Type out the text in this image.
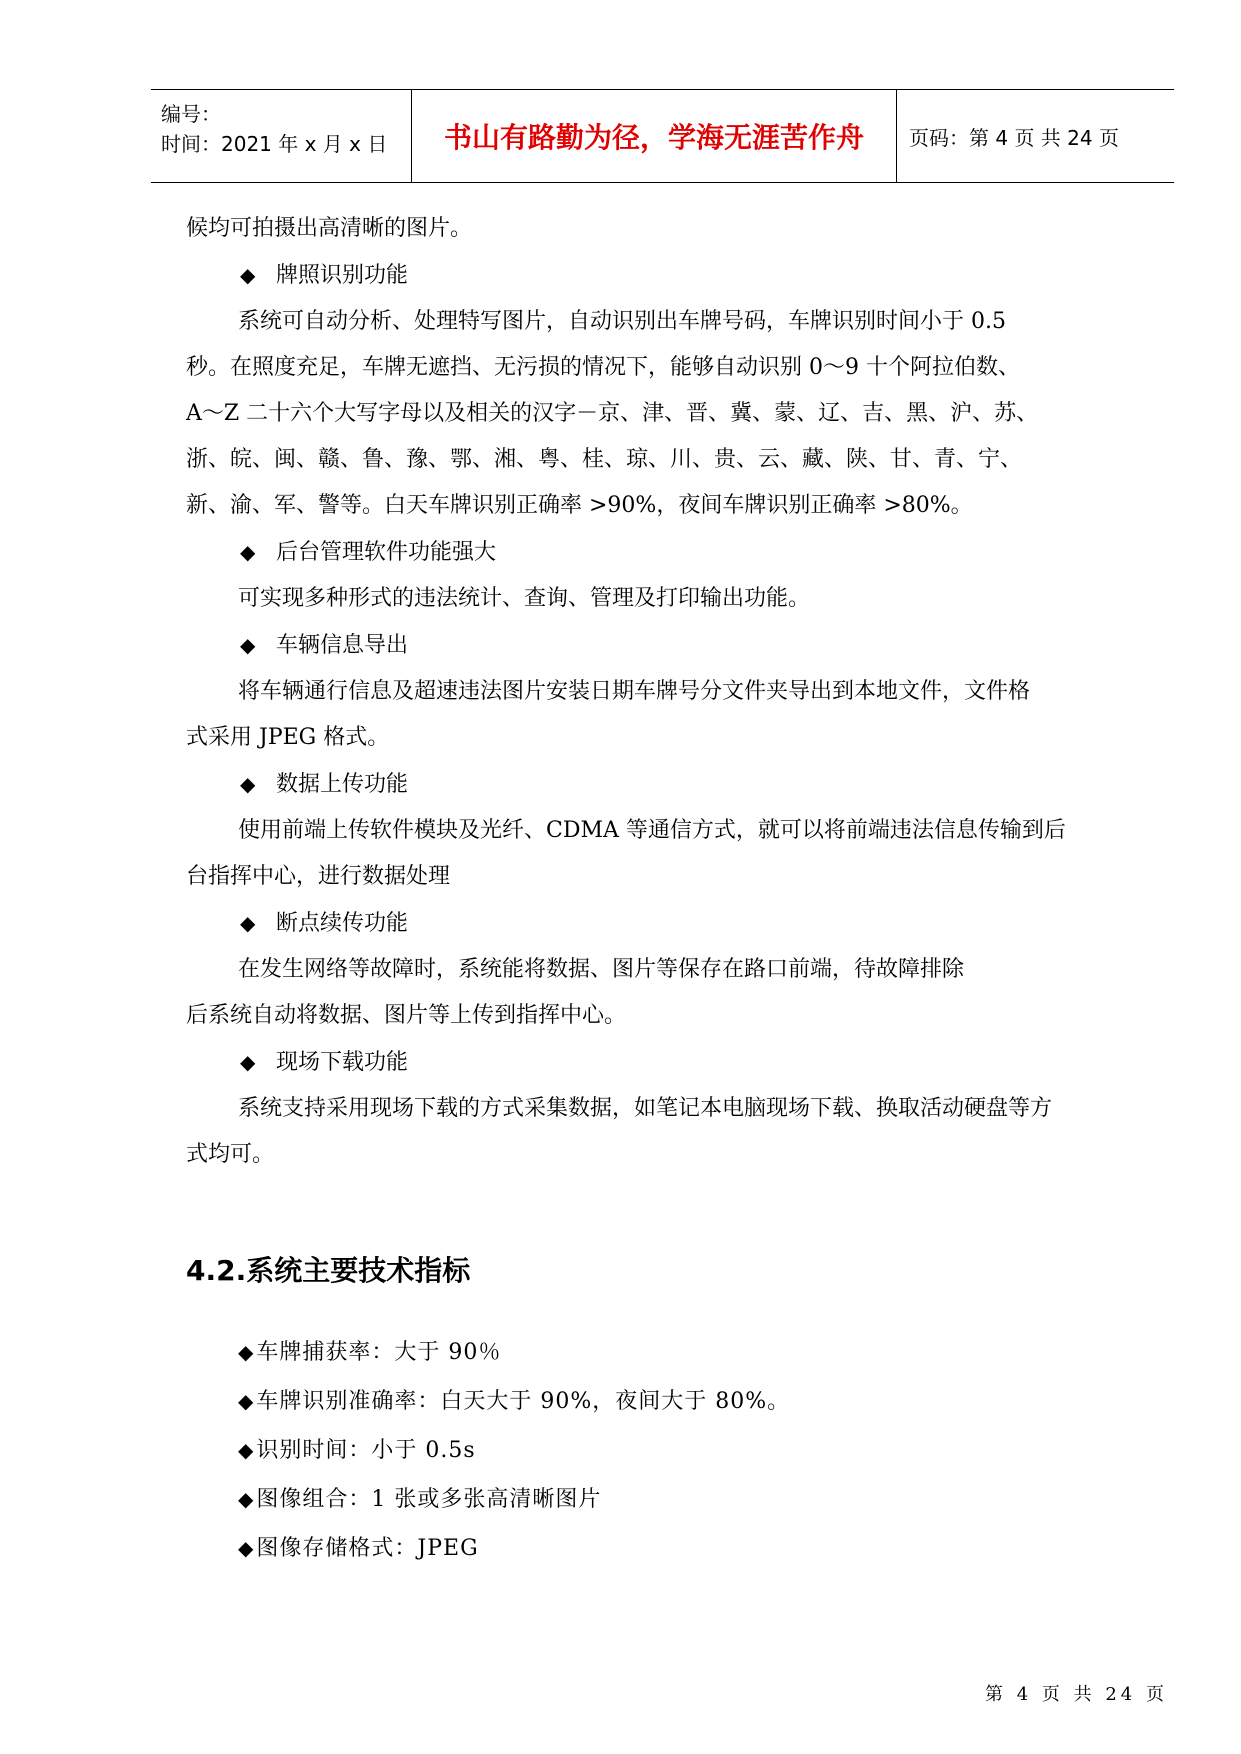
编号：
时间：2021 年 x 月 x 日	书山有路勤为径，学海无涯苦作舟	页码：第 4 页 共 24 页
候均可拍摄出高清晰的图片。
◆ 牌照识别功能
系统可自动分析、处理特写图片，自动识别出车牌号码，车牌识别时间小于 0.5
秒。在照度充足，车牌无遮挡、无污损的情况下，能够自动识别 0～9 十个阿拉伯数、
A～Z 二十六个大写字母以及相关的汉字－京、津、晋、冀、蒙、辽、吉、黑、沪、苏、
浙、皖、闽、赣、鲁、豫、鄂、湘、粤、桂、琼、川、贵、云、藏、陕、甘、青、宁、
新、渝、军、警等。白天车牌识别正确率 >90%，夜间车牌识别正确率 >80%。
◆ 后台管理软件功能强大
可实现多种形式的违法统计、查询、管理及打印输出功能。
◆ 车辆信息导出
将车辆通行信息及超速违法图片安装日期车牌号分文件夹导出到本地文件，文件格
式采用 JPEG 格式。
◆ 数据上传功能
使用前端上传软件模块及光纤、CDMA 等通信方式，就可以将前端违法信息传输到后
台指挥中心，进行数据处理
◆ 断点续传功能
在发生网络等故障时，系统能将数据、图片等保存在路口前端，待故障排除
后系统自动将数据、图片等上传到指挥中心。
◆ 现场下载功能
系统支持采用现场下载的方式采集数据，如笔记本电脑现场下载、换取活动硬盘等方
式均可。
4.2.系统主要技术指标
◆车牌捕获率：大于 90％
◆车牌识别准确率：白天大于 90%，夜间大于 80%。
◆识别时间：小于 0.5s
◆图像组合：1 张或多张高清晰图片
◆图像存储格式：JPEG
第 4 页 共 24 页
